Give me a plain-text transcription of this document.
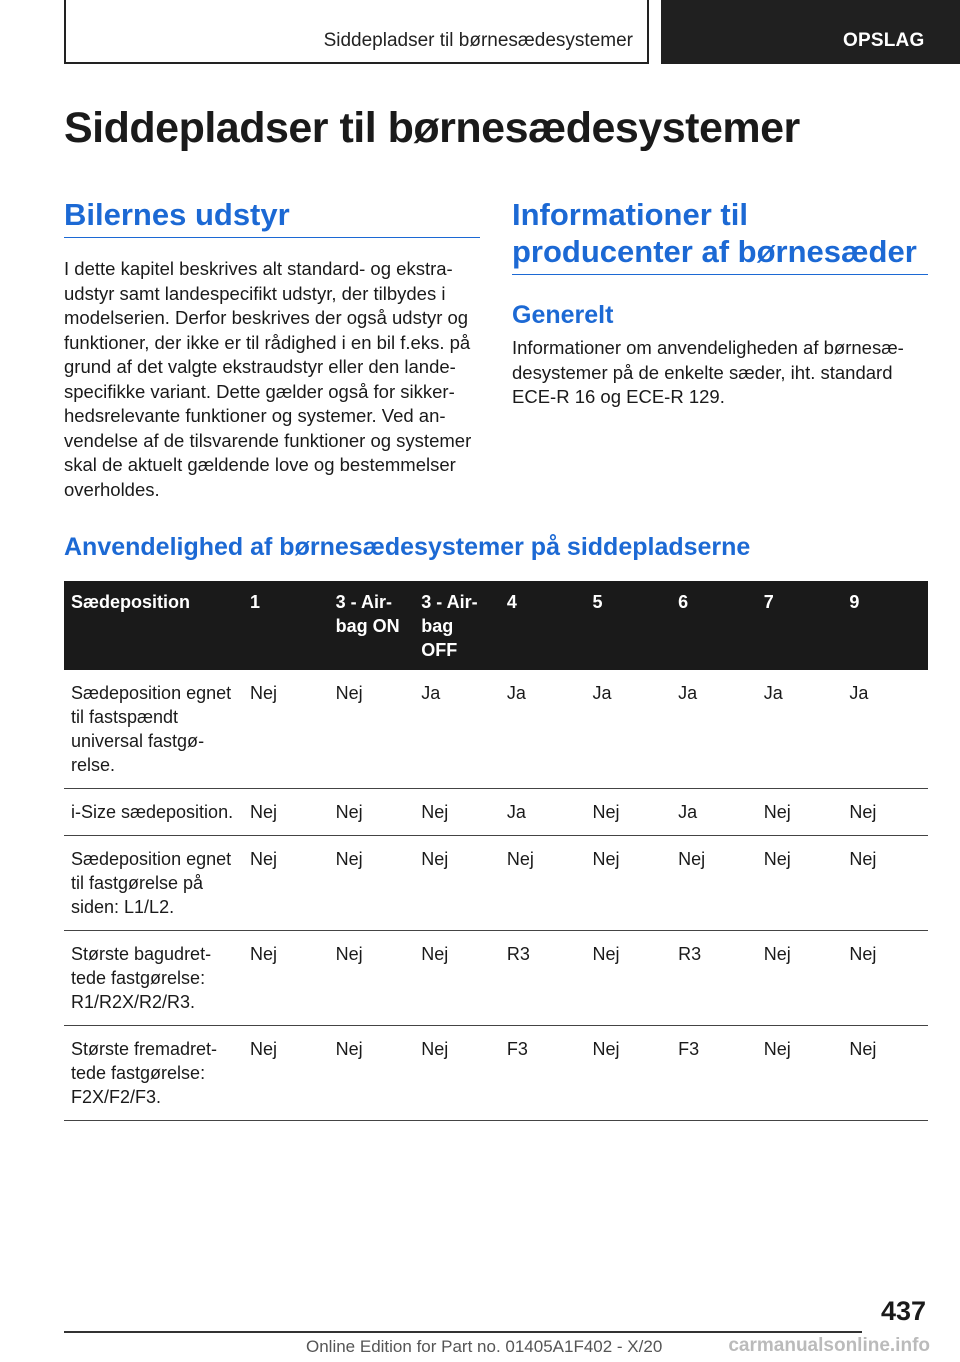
Siddepladser til børnesædesystemer	OPSLAG
Siddepladser til børnesædesystemer
Bilernes udstyr

I dette kapitel beskrives alt standard- og ekstraudstyr samt landespecifikt udstyr, der tilbydes i modelserien. Derfor beskrives der også udstyr og funktioner, der ikke er til rådighed i en bil f.eks. på grund af det valgte ekstraudstyr eller den landespecifikke variant. Dette gælder også for sikkerhedsrelevante funktioner og systemer. Ved anvendelse af de tilsvarende funktioner og systemer skal de aktuelt gældende love og bestemmelser overholdes.

Informationer til producenter af børnesæder
Generelt

Informationer om anvendeligheden af børnesædesystemer på de enkelte sæder, iht. standard ECE-R 16 og ECE-R 129.

Anvendelighed af børnesædesystemer på siddepladserne
Sædeposition	1	3 - Airbag ON	3 - Airbag OFF	4	5	6	7	9
Sædeposition egnet til fastspændt universal fastgørelse.	Nej	Nej	Ja	Ja	Ja	Ja	Ja	Ja
i-Size sædeposition.	Nej	Nej	Nej	Ja	Nej	Ja	Nej	Nej
Sædeposition egnet til fastgørelse på siden: L1/L2.	Nej	Nej	Nej	Nej	Nej	Nej	Nej	Nej
Største bagudrettede fastgørelse: R1/R2X/R2/R3.	Nej	Nej	Nej	R3	Nej	R3	Nej	Nej
Største fremadrettede fastgørelse: F2X/F2/F3.	Nej	Nej	Nej	F3	Nej	F3	Nej	Nej
437
Online Edition for Part no. 01405A1F402 - X/20	carmanualsonline.info
